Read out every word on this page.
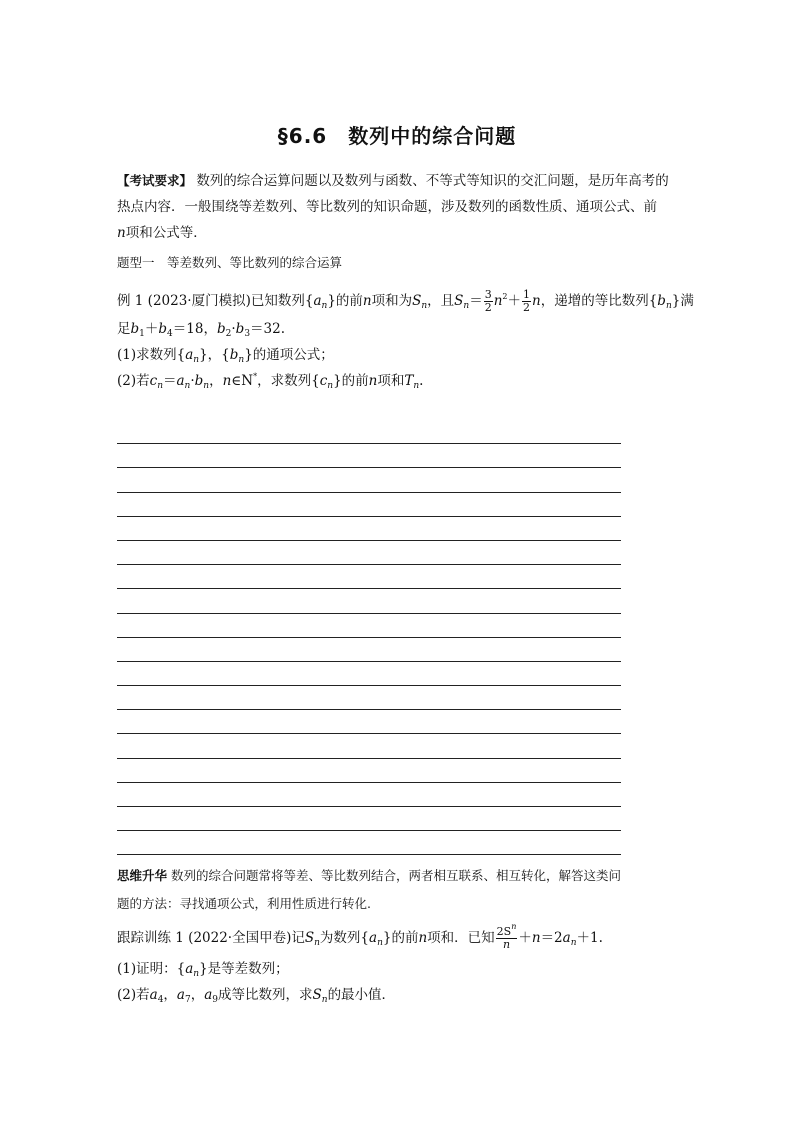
§6.6　数列中的综合问题
【考试要求】 数列的综合运算问题以及数列与函数、不等式等知识的交汇问题，是历年高考的
热点内容．一般围绕等差数列、等比数列的知识命题，涉及数列的函数性质、通项公式、前
n项和公式等．
题型一　等差数列、等比数列的综合运算
例 1 (2023·厦门模拟)已知数列$\{a_n\}$的前n项和为$S_n$，且$S_n= \frac{3}{2} n^2+ \frac{1}{2}$ n，递增的等比数列$\{b_n\}$满
足$b_1+b_4=18$，$b_2\cdot b_3=32$.
(1)求数列$\{a_n\}$，$\{b_n\}$的通项公式；
(2)若$c_n=a_n\cdot b_n$，n∈N*，求数列$\{c_n\}$的前n项和$T_n$.
思维升华 数列的综合问题常将等差、等比数列结合，两者相互联系、相互转化，解答这类问
题的方法：寻找通项公式，利用性质进行转化.
跟踪训练 1 (2022·全国甲卷)记$S_n$为数列$\{a_n\}$的前n项和．已知 $\frac{2S^n}{n} +n=2a_n+1$.
(1)证明：$\{a_n\}$是等差数列；
(2)若$a_4$，$a_7$，$a_9$成等比数列，求$S_n$的最小值．
